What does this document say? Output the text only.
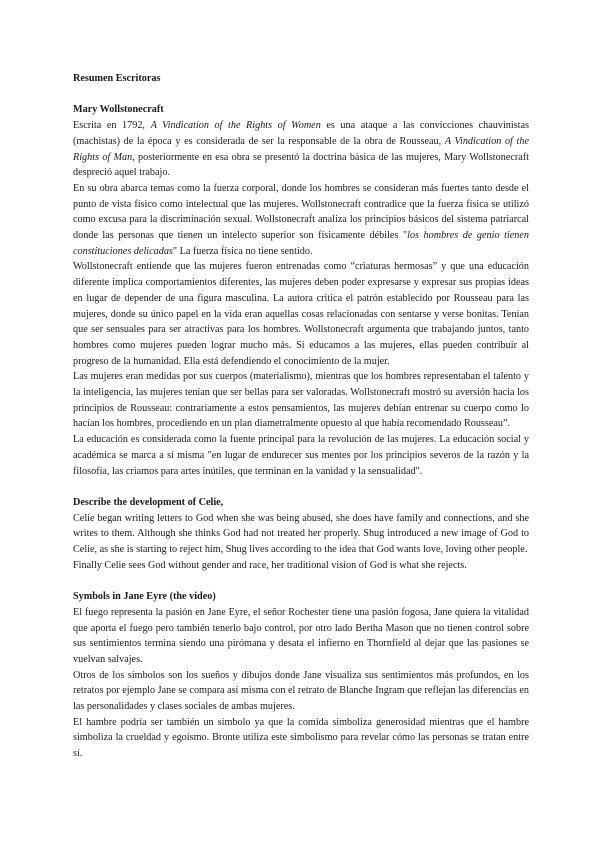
Resumen Escritoras
Mary Wollstonecraft

Escrita en 1792, A Vindication of the Rights of Women es una ataque a las convicciones chauvinistas (machistas) de la época y es considerada de ser la responsable de la obra de Rousseau, A Vindication of the Rights of Man, posteriormente en esa obra se presentó la doctrina básica de las mujeres, Mary Wollstonecraft despreció aquel trabajo.

En su obra abarca temas como la fuerza corporal, donde los hombres se consideran más fuertes tanto desde el punto de vista físico como intelectual que las mujeres. Wollstonecraft contradice que la fuerza física se utilizó como excusa para la discriminación sexual. Wollstonecraft analiza los principios básicos del sistema patriarcal donde las personas que tienen un intelecto superior son físicamente débiles "los hombres de genio tienen constituciones delicadas" La fuerza física no tiene sentido.

Wollstonecraft entiende que las mujeres fueron entrenadas como “criaturas hermosas” y que una educación diferente implica comportamientos diferentes, las mujeres deben poder expresarse y expresar sus propias ideas en lugar de depender de una figura masculina. La autora critica el patrón establecido por Rousseau para las mujeres, donde su único papel en la vida eran aquellas cosas relacionadas con sentarse y verse bonitas. Tenían que ser sensuales para ser atractivas para los hombres. Wollstonecraft argumenta que trabajando juntos, tanto hombres como mujeres pueden lograr mucho más. Si educamos a las mujeres, ellas pueden contribuir al progreso de la humanidad. Ella está defendiendo el conocimiento de la mujer.

Las mujeres eran medidas por sus cuerpos (materialismo), mientras que los hombres representaban el talento y la inteligencia, las mujeres tenían que ser bellas para ser valoradas. Wollstonecraft mostró su aversión hacia los principios de Rousseau: contrariamente a estos pensamientos, las mujeres debían entrenar su cuerpo como lo hacían los hombres, procediendo en un plan diametralmente opuesto al que había recomendado Rousseau”.

La educación es considerada como la fuente principal para la revolución de las mujeres. La educación social y académica se marca a sí misma "en lugar de endurecer sus mentes por los principios severos de la razón y la filosofía, las criamos para artes inútiles, que terminan en la vanidad y la sensualidad".

Describe the development of Celie,

Celie began writing letters to God when she was being abused, she does have family and connections, and she writes to them. Although she thinks God had not treated her properly. Shug introduced a new image of God to Celie, as she is starting to reject him, Shug lives according to the idea that God wants love, loving other people.

Finally Celie sees God without gender and race, her traditional vision of God is what she rejects.

Symbols in Jane Eyre (the video)

El fuego representa la pasión en Jane Eyre, el señor Rochester tiene una pasión fogosa, Jane quiera la vitalidad que aporta el fuego pero también tenerlo bajo control, por otro lado Bertha Mason que no tienen control sobre sus sentimientos termina siendo una pirómana y desata el infierno en Thornfield al dejar que las pasiones se vuelvan salvajes.

Otros de los símbolos son los sueños y dibujos donde Jane visualiza sus sentimientos más profundos, en los retratos por ejemplo Jane se compara así misma con el retrato de Blanche Ingram que reflejan las diferencias en las personalidades y clases sociales de ambas mujeres.

El hambre podría ser también un símbolo ya que la comida simboliza generosidad mientras que el hambre simboliza la crueldad y egoísmo. Bronte utiliza este simbolismo para revelar cómo las personas se tratan entre sí.
